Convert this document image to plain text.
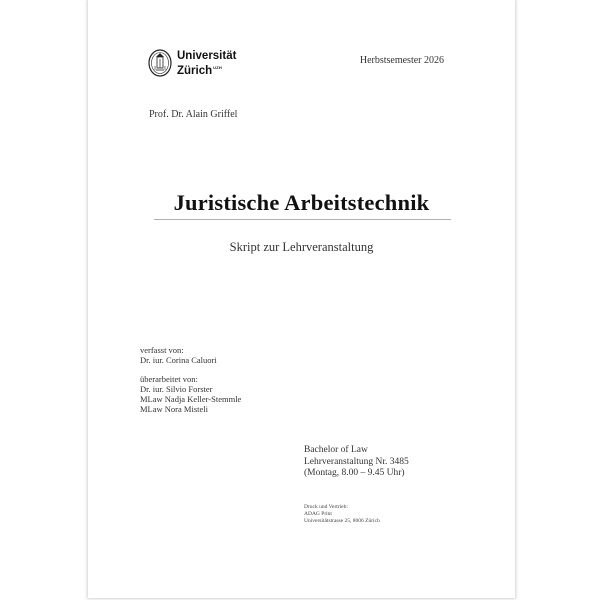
Universität
Zürich$^{UZH}$
Herbstsemester 2026
Prof. Dr. Alain Griffel
Juristische Arbeitstechnik
Skript zur Lehrveranstaltung
verfasst von:
Dr. iur. Corina Caluori
überarbeitet von:
Dr. iur. Silvio Forster
MLaw Nadja Keller-Stemmle
MLaw Nora Misteli
Bachelor of Law
Lehrveranstaltung Nr. 3485
(Montag, 8.00 – 9.45 Uhr)
Druck und Vertrieb:
ADAG Print
Universitätstrasse 25, 8006 Zürich
